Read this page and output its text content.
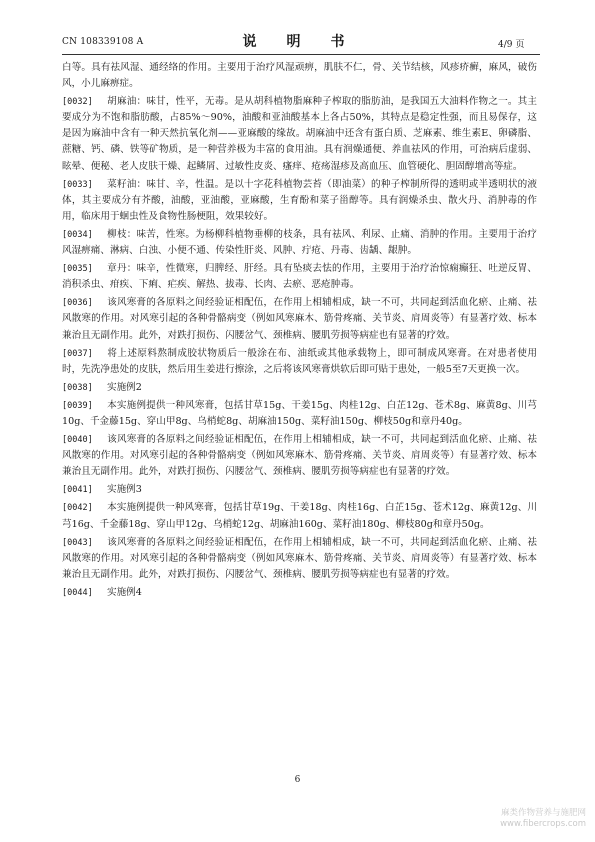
CN 108339108 A	说　明　书	4/9 页

白等。具有祛风湿、通经络的作用。主要用于治疗风湿顽痹，肌肤不仁，骨、关节结核，风疹疥癣，麻风，破伤风，小儿麻痹症。

[0032] 胡麻油：味甘，性平，无毒。是从胡科植物脂麻种子榨取的脂肪油，是我国五大油料作物之一。其主要成分为不饱和脂肪酸，占85%～90%，油酸和亚油酸基本上各占50%，其特点是稳定性强，而且易保存，这是因为麻油中含有一种天然抗氧化剂——亚麻酸的缘故。胡麻油中还含有蛋白质、芝麻素、维生素E、卵磷脂、蔗糖、钙、磷、铁等矿物质，是一种营养极为丰富的食用油。具有润燥通便、养血祛风的作用，可治病后虚弱、眩晕、便秘、老人皮肤干燥、起鳞屑、过敏性皮炎、瘙痒、疮疡湿疹及高血压、血管硬化、胆固醇增高等症。

[0033] 菜籽油：味甘、辛，性温。是以十字花科植物芸苔（即油菜）的种子榨制所得的透明或半透明状的液体，其主要成分有芥酸，油酸，亚油酸，亚麻酸，生育酚和菜子甾醇等。具有润燥杀虫、散火丹、消肿毒的作用，临床用于蛔虫性及食物性肠梗阻，效果较好。

[0034] 柳枝：味苦，性寒。为杨柳科植物垂柳的枝条，具有祛风、利尿、止痛、消肿的作用。主要用于治疗风湿痹痛、淋病、白浊、小便不通、传染性肝炎、风肿、疔疮、丹毒、齿龋、龈肿。

[0035] 章丹：味辛，性微寒，归脾经、肝经。具有坠痰去怯的作用，主要用于治疗治惊痫癫狂、吐逆反胃、消积杀虫、疳疾、下痢、疟疾、解热、拔毒、长肉、去瘀、恶疮肿毒。

[0036] 该风寒膏的各原料之间经验证相配伍，在作用上相辅相成，缺一不可，共同起到活血化瘀、止痛、祛风散寒的作用。对风寒引起的各种骨骼病变（例如风寒麻木、筋骨疼痛、关节炎、肩周炎等）有显著疗效、标本兼治且无副作用。此外，对跌打损伤、闪腰岔气、颈椎病、腰肌劳损等病症也有显著的疗效。

[0037] 将上述原料熬制成胶状物质后一般涂在布、油纸或其他承载物上，即可制成风寒膏。在对患者使用时，先洗净患处的皮肤，然后用生姜进行擦涂，之后将该风寒膏烘软后即可贴于患处，一般5至7天更换一次。

[0038] 实施例2

[0039] 本实施例提供一种风寒膏，包括甘草15g、干姜15g、肉桂12g、白芷12g、苍术8g、麻黄8g、川芎10g、千金藤15g、穿山甲8g、乌梢蛇8g、胡麻油150g、菜籽油150g、柳枝50g和章丹40g。

[0040] 该风寒膏的各原料之间经验证相配伍，在作用上相辅相成，缺一不可，共同起到活血化瘀、止痛、祛风散寒的作用。对风寒引起的各种骨骼病变（例如风寒麻木、筋骨疼痛、关节炎、肩周炎等）有显著疗效、标本兼治且无副作用。此外，对跌打损伤、闪腰岔气、颈椎病、腰肌劳损等病症也有显著的疗效。

[0041] 实施例3

[0042] 本实施例提供一种风寒膏，包括甘草19g、干姜18g、肉桂16g、白芷15g、苍术12g、麻黄12g、川芎16g、千金藤18g、穿山甲12g、乌梢蛇12g、胡麻油160g、菜籽油180g、柳枝80g和章丹50g。

[0043] 该风寒膏的各原料之间经验证相配伍，在作用上相辅相成，缺一不可，共同起到活血化瘀、止痛、祛风散寒的作用。对风寒引起的各种骨骼病变（例如风寒麻木、筋骨疼痛、关节炎、肩周炎等）有显著疗效、标本兼治且无副作用。此外，对跌打损伤、闪腰岔气、颈椎病、腰肌劳损等病症也有显著的疗效。

[0044] 实施例4

6
麻类作物营养与施肥网
www.fibercrops.com
